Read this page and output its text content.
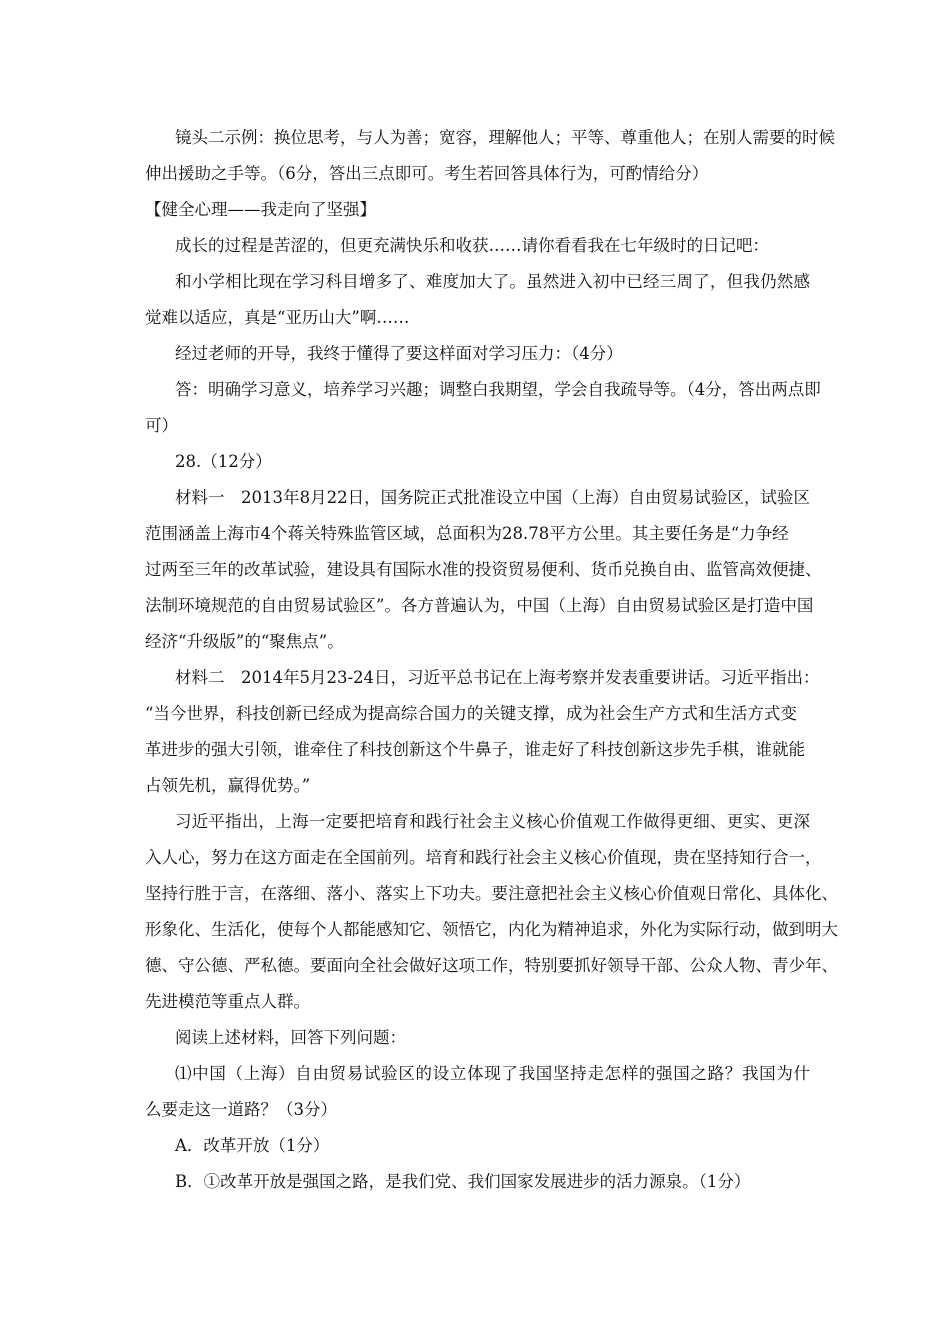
镜头二示例：换位思考，与人为善；宽容，理解他人；平等、尊重他人；在别人需要的时候
伸出援助之手等。（6分，答出三点即可。考生若回答具体行为，可酌情给分）
【健全心理——我走向了坚强】
成长的过程是苦涩的，但更充满快乐和收获……请你看看我在七年级时的日记吧：
和小学相比现在学习科目增多了、难度加大了。虽然进入初中已经三周了，但我仍然感
觉难以适应，真是“亚历山大”啊……
经过老师的开导，我终于懂得了要这样面对学习压力：（4分）
答：明确学习意义，培养学习兴趣；调整白我期望，学会自我疏导等。（4分，答出两点即
可）
28.（12分）
材料一　2013年8月22日，国务院正式批准设立中国（上海）自由贸易试验区，试验区
范围涵盖上海市4个蒋关特殊监管区域，总面积为28.78平方公里。其主要任务是“力争经
过两至三年的改革试验，建设具有国际水准的投资贸易便利、货币兑换自由、监管高效便捷、
法制环境规范的自由贸易试验区”。各方普遍认为，中国（上海）自由贸易试验区是打造中国
经济“升级版”的“聚焦点”。
材料二　2014年5月23-24日，习近平总书记在上海考察并发表重要讲话。习近平指出：
“当今世界，科技创新已经成为提高综合国力的关键支撑，成为社会生产方式和生活方式变
革进步的强大引领，谁牵住了科技创新这个牛鼻子，谁走好了科技创新这步先手棋，谁就能
占领先机，赢得优势。”
习近平指出，上海一定要把培育和践行社会主义核心价值观工作做得更细、更实、更深
入人心，努力在这方面走在全国前列。培育和践行社会主义核心价值现，贵在坚持知行合一，
坚持行胜于言，在落细、落小、落实上下功夫。要注意把社会主义核心价值观日常化、具体化、
形象化、生活化，使每个人都能感知它、领悟它，内化为精神追求，外化为实际行动，做到明大
德、守公德、严私德。要面向全社会做好这项工作，特别要抓好领导干部、公众人物、青少年、
先进模范等重点人群。
阅读上述材料，回答下列问题：
⑴中国（上海）自由贸易试验区的设立体现了我国坚持走怎样的强国之路？我国为什
么要走这一道路？（3分）
A．改革开放（1分）
B．①改革开放是强国之路，是我们党、我们国家发展进步的活力源泉。（1分）
